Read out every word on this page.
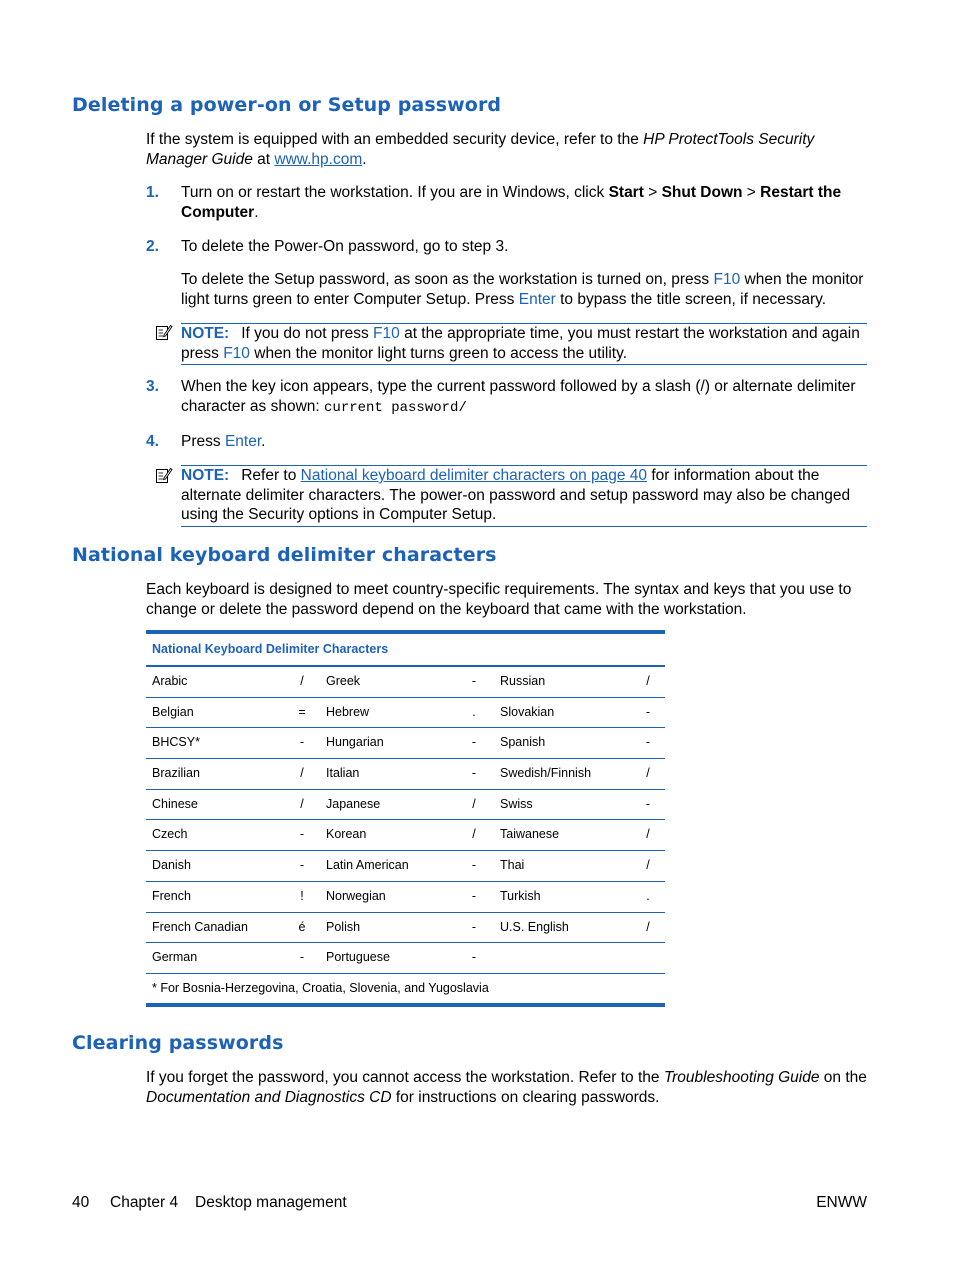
Deleting a power-on or Setup password

If the system is equipped with an embedded security device, refer to the HP ProtectTools Security Manager Guide at www.hp.com.

1. Turn on or restart the workstation. If you are in Windows, click Start > Shut Down > Restart the Computer.
2. To delete the Power-On password, go to step 3.
To delete the Setup password, as soon as the workstation is turned on, press F10 when the monitor light turns green to enter Computer Setup. Press Enter to bypass the title screen, if necessary.
NOTE: If you do not press F10 at the appropriate time, you must restart the workstation and again press F10 when the monitor light turns green to access the utility.
3. When the key icon appears, type the current password followed by a slash (/) or alternate delimiter character as shown: current password/
4. Press Enter.
NOTE: Refer to National keyboard delimiter characters on page 40 for information about the alternate delimiter characters. The power-on password and setup password may also be changed using the Security options in Computer Setup.
National keyboard delimiter characters

Each keyboard is designed to meet country-specific requirements. The syntax and keys that you use to change or delete the password depend on the keyboard that came with the workstation.

National Keyboard Delimiter Characters
Arabic	/	Greek	-	Russian	/
Belgian	= Hebrew	.	Slovakian	-
BHCSY*	-	Hungarian	-	Spanish	-
Brazilian	/	Italian	-	Swedish/Finnish	/
Chinese	/	Japanese	/	Swiss	-
Czech	-	Korean	/	Taiwanese	/
Danish	-	Latin American	-	Thai	/
French	!	Norwegian	-	Turkish	.
French Canadian	é Polish	-	U.S. English	/
German	-	Portuguese	-
* For Bosnia-Herzegovina, Croatia, Slovenia, and Yugoslavia
Clearing passwords

If you forget the password, you cannot access the workstation. Refer to the Troubleshooting Guide on the Documentation and Diagnostics CD for instructions on clearing passwords.

40 Chapter 4 Desktop management	ENWW
